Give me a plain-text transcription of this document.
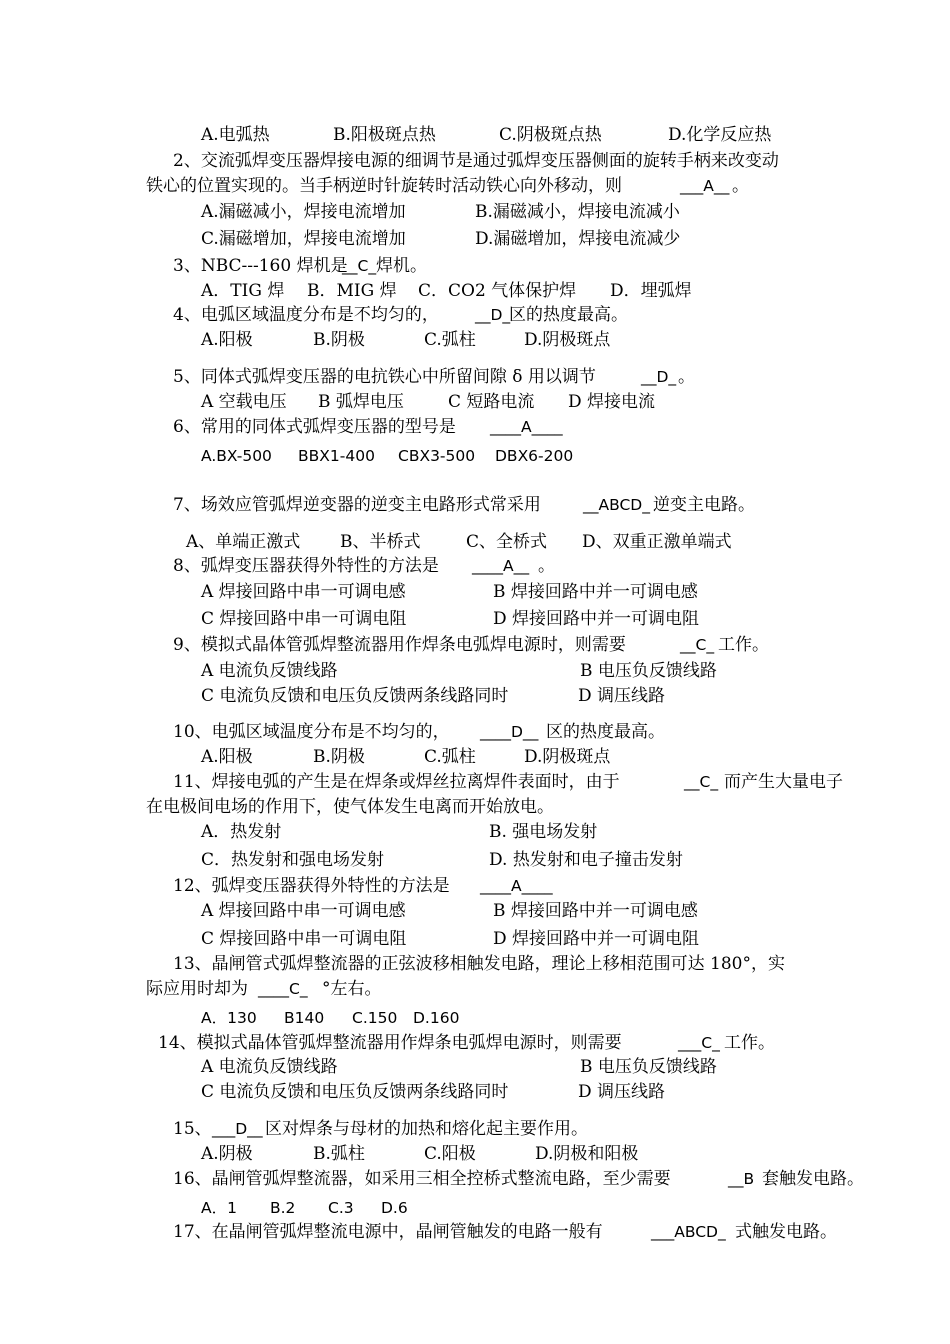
A.电弧热	B.阳极斑点热	C.阴极斑点热	D.化学反应热
2、交流弧焊变压器焊接电源的细调节是通过弧焊变压器侧面的旋转手柄来改变动
铁心的位置实现的。当手柄逆时针旋转时活动铁心向外移动，则	___A__ 。
A.漏磁减小，焊接电流增加	B.漏磁减小，焊接电流减小
C.漏磁增加，焊接电流增加	D.漏磁增加，焊接电流减少
3、NBC---160 焊机是
__C_ 焊机。
A．TIG 焊 B．MIG 焊 C．CO2 气体保护焊 D．埋弧焊
4、电弧区域温度分布是不均匀的， __D_
区的热度最高。
A.阳极	B.阴极	C.弧柱	D.阴极斑点
5、同体式弧焊变压器的电抗铁心中所留间隙 δ 用以调节	__D_ 。
A 空载电压 B 弧焊电压	C 短路电流 D 焊接电流
6、常用的同体式弧焊变压器的型号是 ____A____
A.BX-500 BBX1-400 CBX3-500 DBX6-200
7、场效应管弧焊逆变器的逆变主电路形式常采用	__ABCD_ 逆变主电路。
A、单端正激式 B、半桥式	C、全桥式 D、双重正激单端式
8、弧焊变压器获得外特性的方法是 ____A__ 。
A 焊接回路中串一可调电感	B 焊接回路中并一可调电感
C 焊接回路中串一可调电阻	D 焊接回路中并一可调电阻
9、模拟式晶体管弧焊整流器用作焊条电弧焊电源时，则需要	__C_ 工作。
A 电流负反馈线路	B 电压负反馈线路
C 电流负反馈和电压负反馈两条线路同时	D 调压线路
10、电弧区域温度分布是不均匀的， ____D__ 区的热度最高。
A.阳极	B.阴极	C.弧柱	D.阴极斑点
11、焊接电弧的产生是在焊条或焊丝拉离焊件表面时，由于	__C_ 而产生大量电子
在电极间电场的作用下，使气体发生电离而开始放电。
A．热发射	B. 强电场发射
C．热发射和强电场发射	D. 热发射和电子撞击发射
12、弧焊变压器获得外特性的方法是 ____A____
A 焊接回路中串一可调电感	B 焊接回路中并一可调电感
C 焊接回路中串一可调电阻	D 焊接回路中并一可调电阻
13、晶闸管式弧焊整流器的正弦波移相触发电路，理论上移相范围可达 180°，实
际应用时却为 ____C_ °左右。
A．130 B140 C.150 D.160
14、模拟式晶体管弧焊整流器用作焊条电弧焊电源时，则需要	___C_ 工作。
A 电流负反馈线路	B 电压负反馈线路
C 电流负反馈和电压负反馈两条线路同时	D 调压线路
15、 ___D__ 区对焊条与母材的加热和熔化起主要作用。
A.阴极	B.弧柱	C.阳极	D.阴极和阳极
16、晶闸管弧焊整流器，如采用三相全控桥式整流电路，至少需要	__B 套触发电路。
A．1 B.2 C.3 D.6
17、在晶闸管弧焊整流电源中，晶闸管触发的电路一般有	___ABCD_ 式触发电路。
